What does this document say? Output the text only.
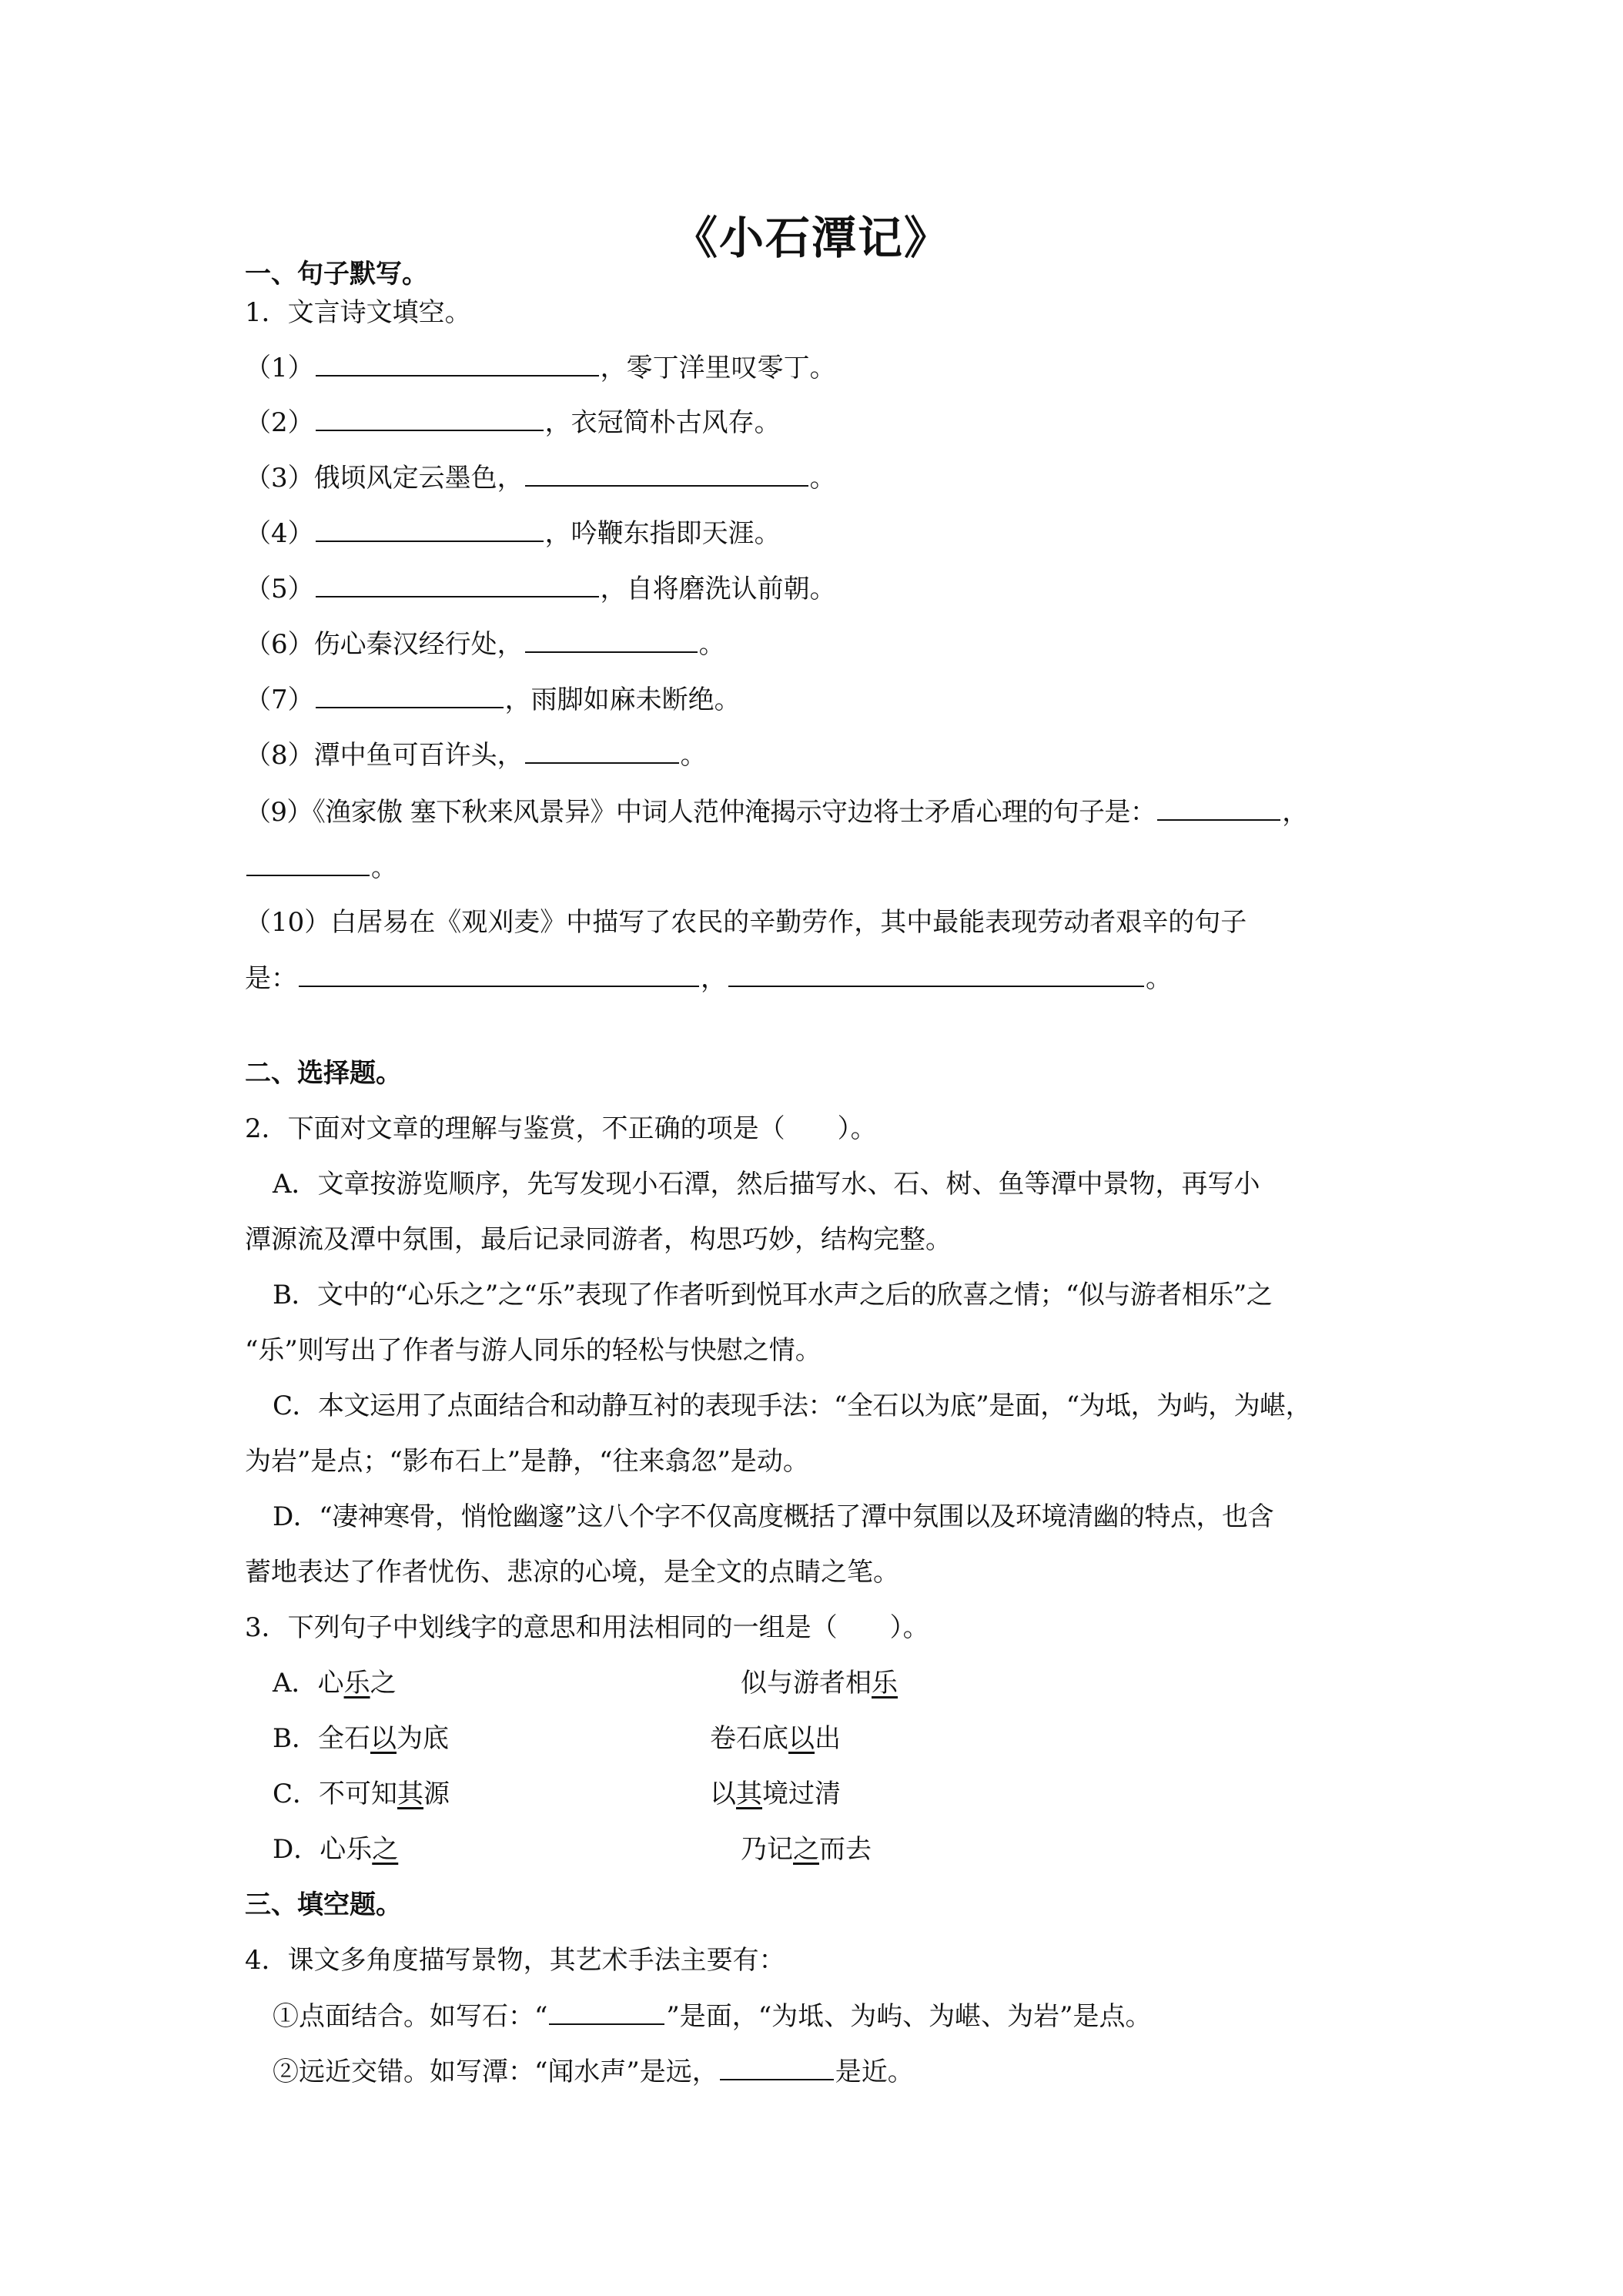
《小石潭记》
一、句子默写。
1．文言诗文填空。
（1）	，零丁洋里叹零丁。
（2）	，衣冠简朴古风存。
（3）俄顷风定云墨色，	。
（4）	，吟鞭东指即天涯。
（5）	，自将磨洗认前朝。
（6）伤心秦汉经行处，	。
（7）	，雨脚如麻未断绝。
（8）潭中鱼可百许头，	。
（9）《渔家傲 塞下秋来风景异》中词人范仲淹揭示守边将士矛盾心理的句子是：	，
。
（10）白居易在《观刈麦》中描写了农民的辛勤劳作，其中最能表现劳动者艰辛的句子
是：	，	。
二、选择题。
2．下面对文章的理解与鉴赏，不正确的项是（　　）。
A．文章按游览顺序，先写发现小石潭，然后描写水、石、树、鱼等潭中景物，再写小
潭源流及潭中氛围，最后记录同游者，构思巧妙，结构完整。
B．文中的“心乐之”之“乐”表现了作者听到悦耳水声之后的欣喜之情；“似与游者相乐”之
“乐”则写出了作者与游人同乐的轻松与快慰之情。
C．本文运用了点面结合和动静互衬的表现手法：“全石以为底”是面，“为坻，为屿，为嵁，
为岩”是点；“影布石上”是静，“往来翕忽”是动。
D．“凄神寒骨，悄怆幽邃”这八个字不仅高度概括了潭中氛围以及环境清幽的特点，也含
蓄地表达了作者忧伤、悲凉的心境，是全文的点睛之笔。
3．下列句子中划线字的意思和用法相同的一组是（　　）。
A．心乐之	似与游者相乐
B．全石以为底	卷石底以出
C．不可知其源	以其境过清
D．心乐之	乃记之而去
三、填空题。
4．课文多角度描写景物，其艺术手法主要有：
①点面结合。如写石：“	”是面，“为坻、为屿、为嵁、为岩”是点。
②远近交错。如写潭：“闻水声”是远，	是近。
